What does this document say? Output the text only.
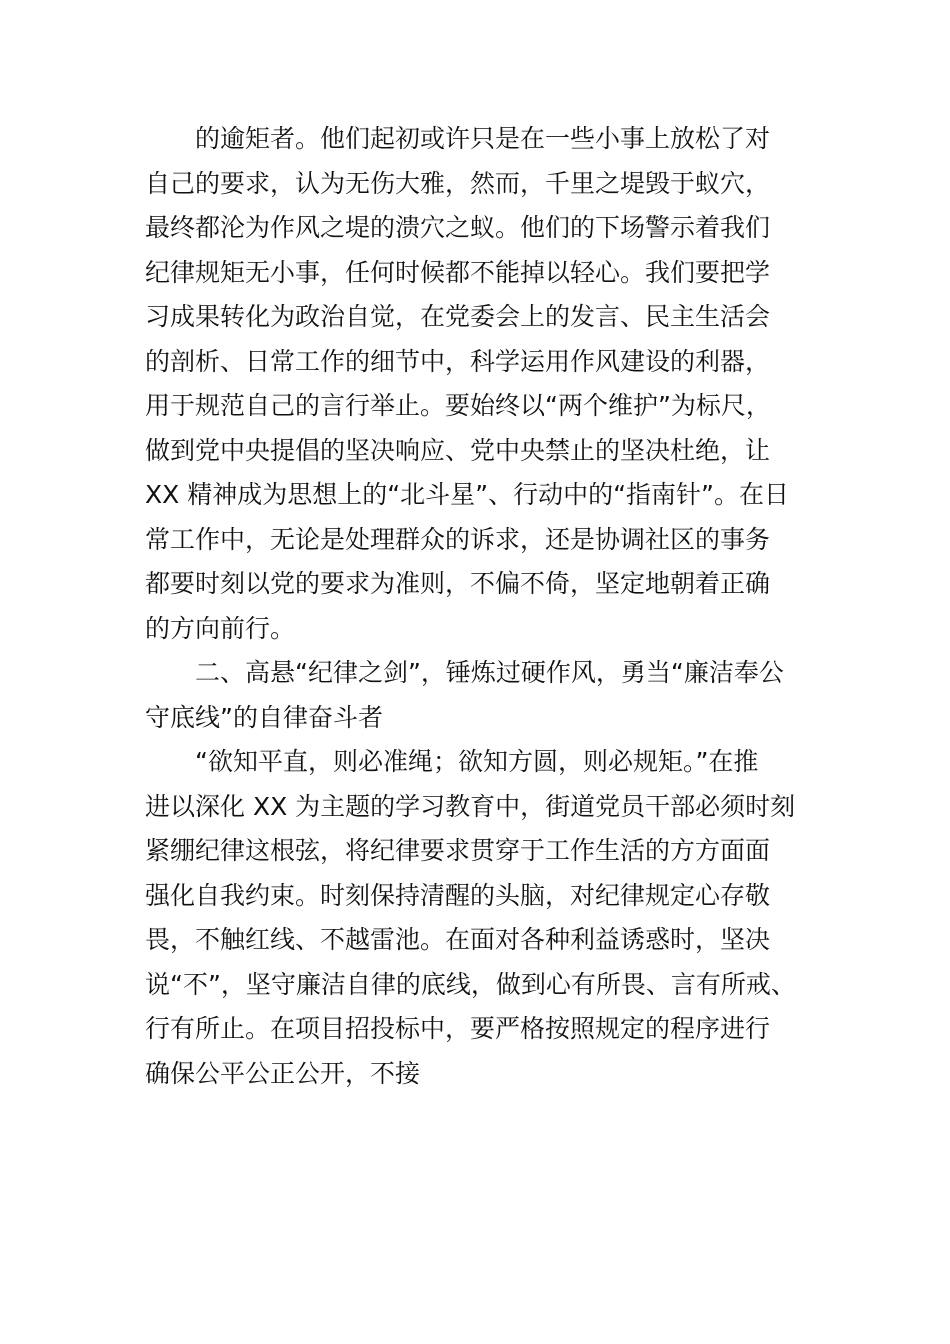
的逾矩者。他们起初或许只是在一些小事上放松了对
自己的要求，认为无伤大雅，然而，千里之堤毁于蚁穴，
最终都沦为作风之堤的溃穴之蚁。他们的下场警示着我们
纪律规矩无小事，任何时候都不能掉以轻心。我们要把学
习成果转化为政治自觉，在党委会上的发言、民主生活会
的剖析、日常工作的细节中，科学运用作风建设的利器，
用于规范自己的言行举止。要始终以“两个维护”为标尺，
做到党中央提倡的坚决响应、党中央禁止的坚决杜绝，让
XX 精神成为思想上的“北斗星”、行动中的“指南针”。在日
常工作中，无论是处理群众的诉求，还是协调社区的事务
都要时刻以党的要求为准则，不偏不倚，坚定地朝着正确
的方向前行。
二、高悬“纪律之剑”，锤炼过硬作风，勇当“廉洁奉公
守底线”的自律奋斗者
“欲知平直，则必准绳；欲知方圆，则必规矩。”在推
进以深化 XX 为主题的学习教育中，街道党员干部必须时刻
紧绷纪律这根弦，将纪律要求贯穿于工作生活的方方面面
强化自我约束。时刻保持清醒的头脑，对纪律规定心存敬
畏，不触红线、不越雷池。在面对各种利益诱惑时，坚决
说“不”，坚守廉洁自律的底线，做到心有所畏、言有所戒、
行有所止。在项目招投标中，要严格按照规定的程序进行
确保公平公正公开，不接
